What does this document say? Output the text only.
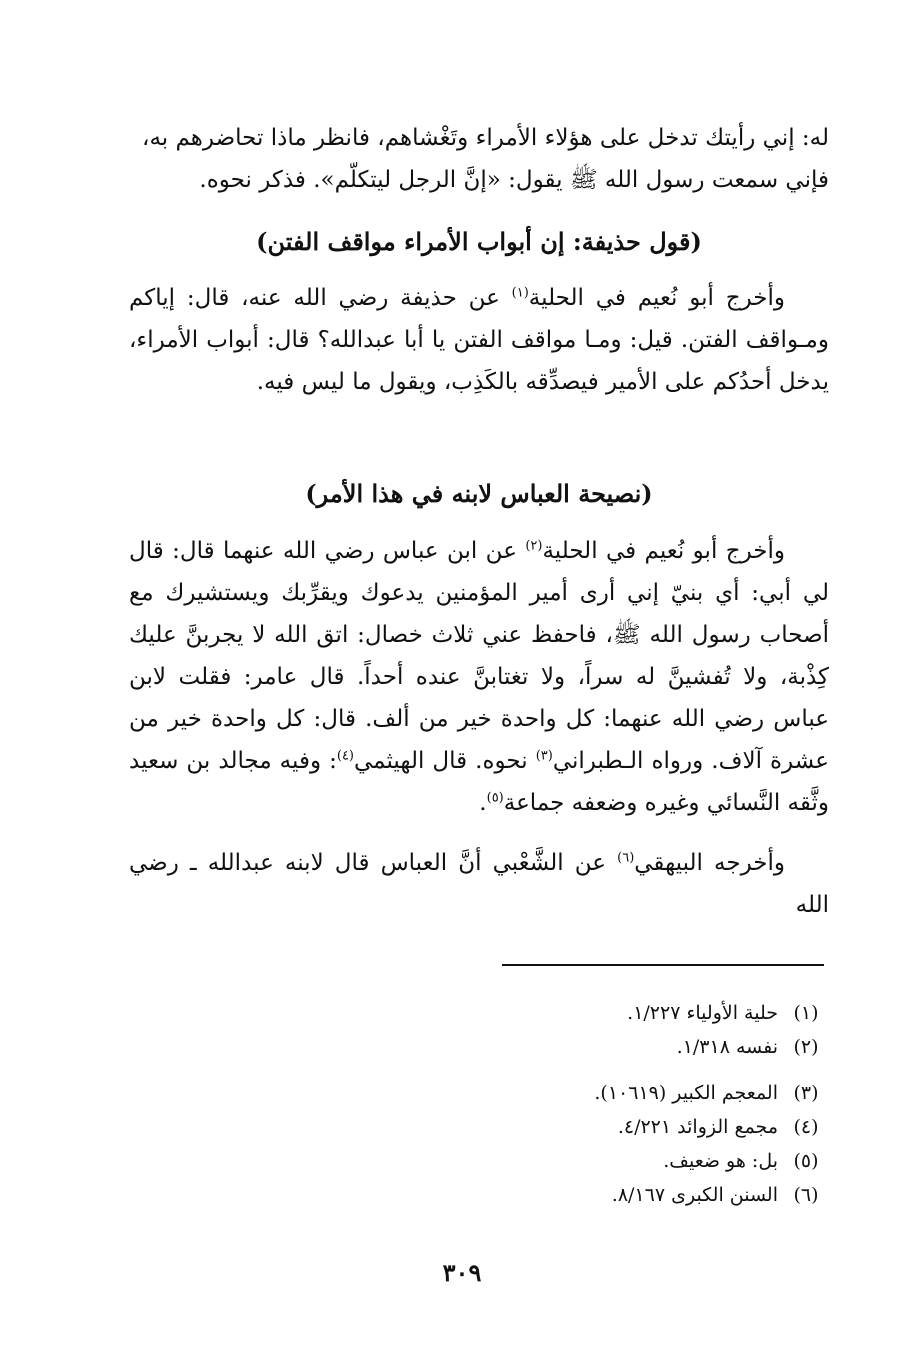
له: إني رأيتك تدخل على هؤلاء الأمراء وتَغْشاهم، فانظر ماذا تحاضرهم به،
فإني سمعت رسول الله ﷺ يقول: «إنَّ الرجل ليتكلّم». فذكر نحوه.
(قول حذيفة: إن أبواب الأمراء مواقف الفتن)
وأخرج أبو نُعيم في الحلية$^{(١)}$ عن حذيفة رضي الله عنه، قال: إياكم ومـواقف الفتن. قيل: ومـا مواقف الفتن يا أبا عبدالله؟ قال: أبواب الأمراء، يدخل أحدُكم على الأمير فيصدِّقه بالكَذِب، ويقول ما ليس فيه.
(نصيحة العباس لابنه في هذا الأمر)
وأخرج أبو نُعيم في الحلية$^{(٢)}$ عن ابن عباس رضي الله عنهما قال: قال لي أبي: أي بنيّ إني أرى أمير المؤمنين يدعوك ويقرِّبك ويستشيرك مع أصحاب رسول الله ﷺ، فاحفظ عني ثلاث خصال: اتق الله لا يجربنَّ عليك كِذْبة، ولا تُفشينَّ له سراً، ولا تغتابنَّ عنده أحداً. قال عامر: فقلت لابن عباس رضي الله عنهما: كل واحدة خير من ألف. قال: كل واحدة خير من عشرة آلاف. ورواه الـطبراني$^{(٣)}$ نحوه. قال الهيثمي$^{(٤)}$: وفيه مجالد بن سعيد وثَّقه النَّسائي وغيره وضعفه جماعة$^{(٥)}$.
وأخرجه البيهقي$^{(٦)}$ عن الشَّعْبي أنَّ العباس قال لابنه عبدالله ـ رضي الله
(١)
حلية الأولياء ١/٢٢٧.
(٢)
نفسه ١/٣١٨.
(٣)
المعجم الكبير (١٠٦١٩).
(٤)
مجمع الزوائد ٤/٢٢١.
(٥)
بل: هو ضعيف.
(٦)
السنن الكبرى ٨/١٦٧.
٣٠٩
